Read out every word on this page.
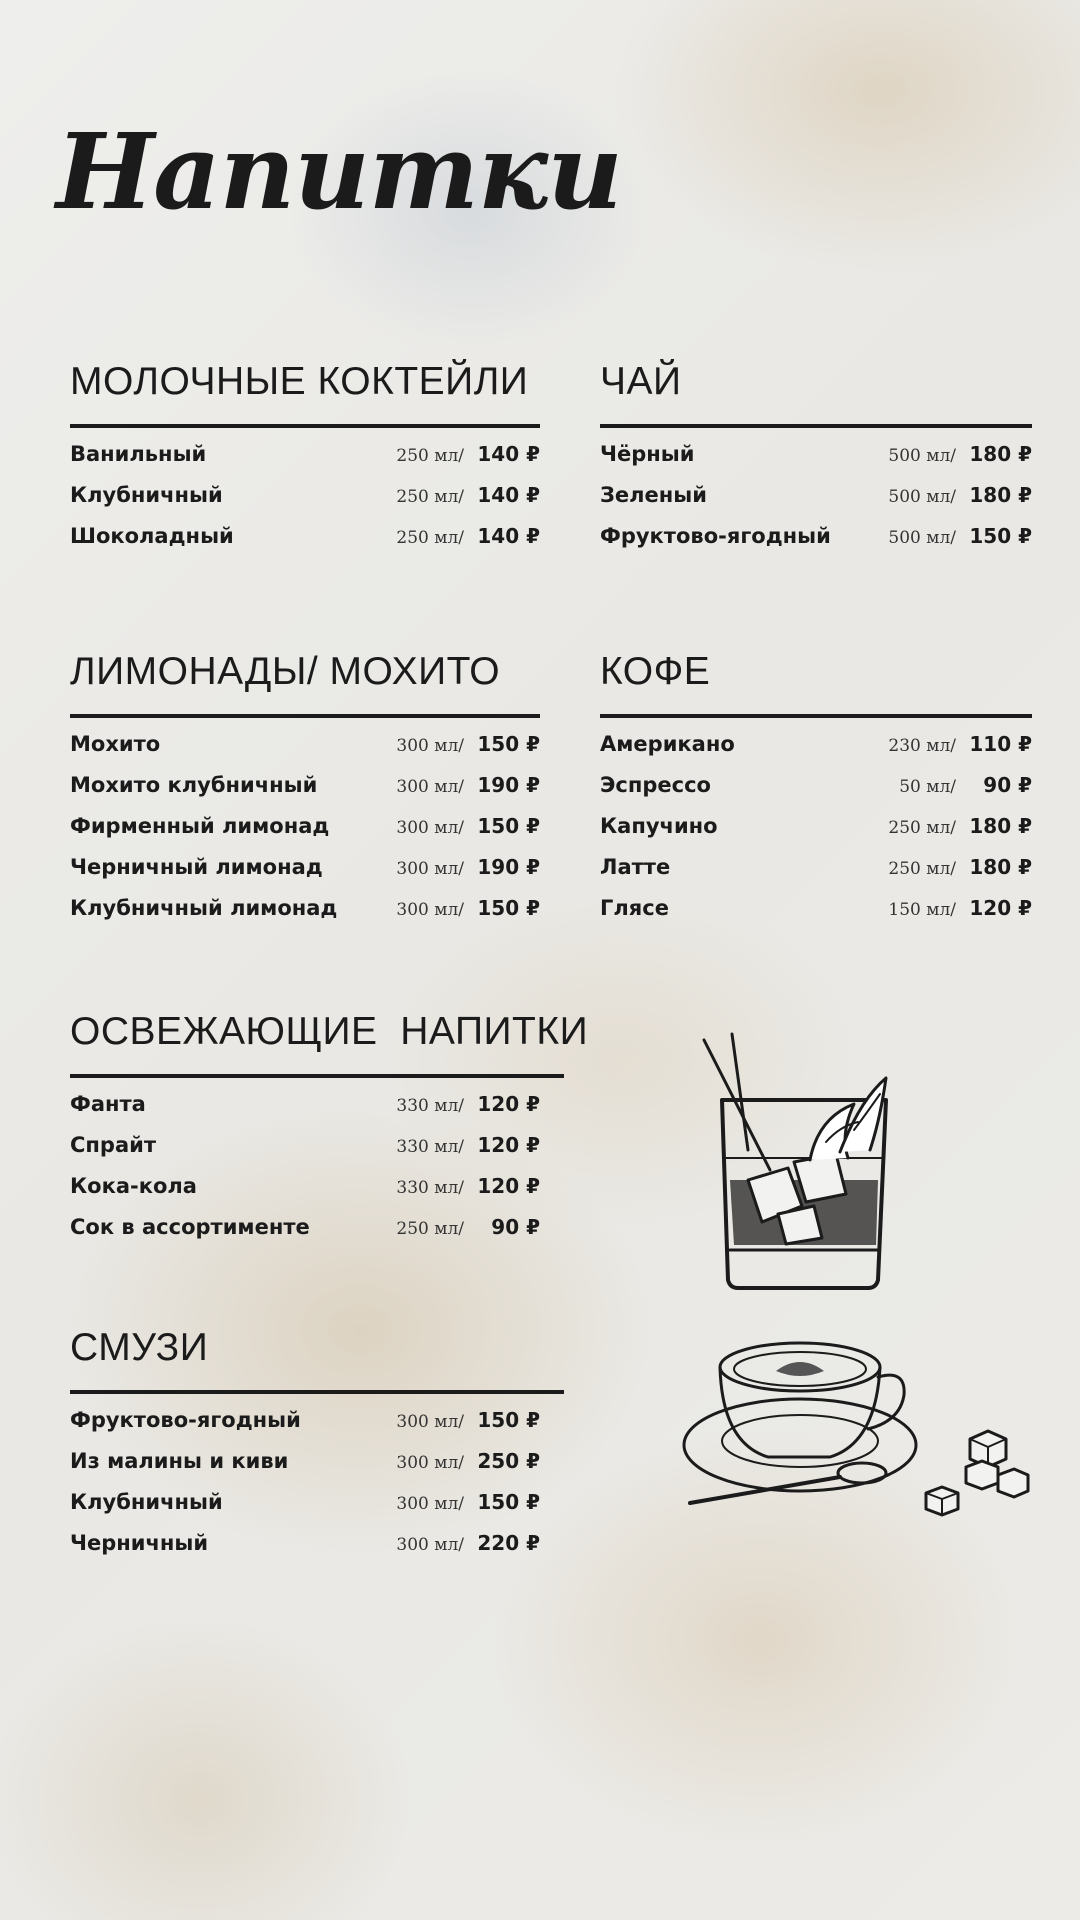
Напитки
МОЛОЧНЫЕ КОКТЕЙЛИ
Ванильный	250 мл/ 140 ₽
Клубничный	250 мл/ 140 ₽
Шоколадный	250 мл/ 140 ₽
ЧАЙ
Чёрный	500 мл/ 180 ₽
Зеленый	500 мл/ 180 ₽
Фруктово-ягодный	500 мл/ 150 ₽
ЛИМОНАДЫ/ МОХИТО
Мохито	300 мл/ 150 ₽
Мохито клубничный	300 мл/ 190 ₽
Фирменный лимонад	300 мл/ 150 ₽
Черничный лимонад	300 мл/ 190 ₽
Клубничный лимонад	300 мл/ 150 ₽
КОФЕ
Американо	230 мл/ 110 ₽
Эспрессо	50 мл/	90 ₽
Капучино	250 мл/ 180 ₽
Латте	250 мл/ 180 ₽
Глясе	150 мл/ 120 ₽
ОСВЕЖАЮЩИЕ  НАПИТКИ
Фанта	330 мл/ 120 ₽
Спрайт	330 мл/ 120 ₽
Кока-кола	330 мл/ 120 ₽
Сок в ассортименте	250 мл/	90 ₽
СМУЗИ
Фруктово-ягодный	300 мл/ 150 ₽
Из малины и киви	300 мл/ 250 ₽
Клубничный	300 мл/ 150 ₽
Черничный	300 мл/ 220 ₽
